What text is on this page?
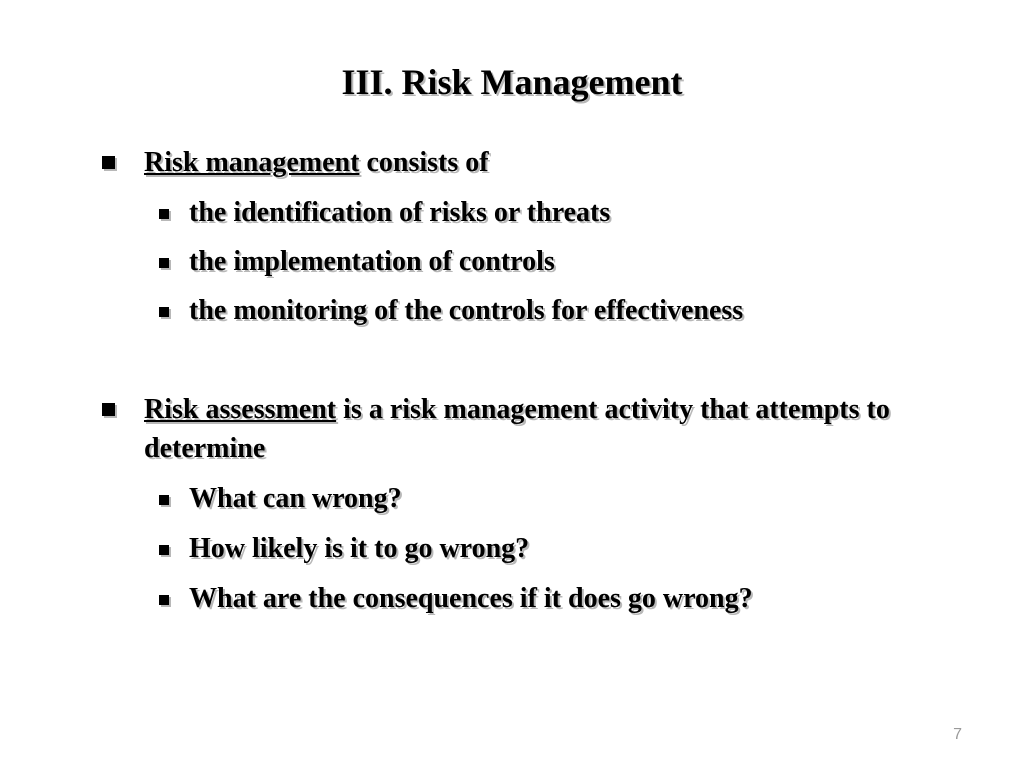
III. Risk Management
Risk management consists of
the identification of risks or threats
the implementation of controls
the monitoring of the controls for effectiveness
Risk assessment is a risk management activity that attempts to determine
What can wrong?
How likely is it to go wrong?
What are the consequences if it does go wrong?
7
